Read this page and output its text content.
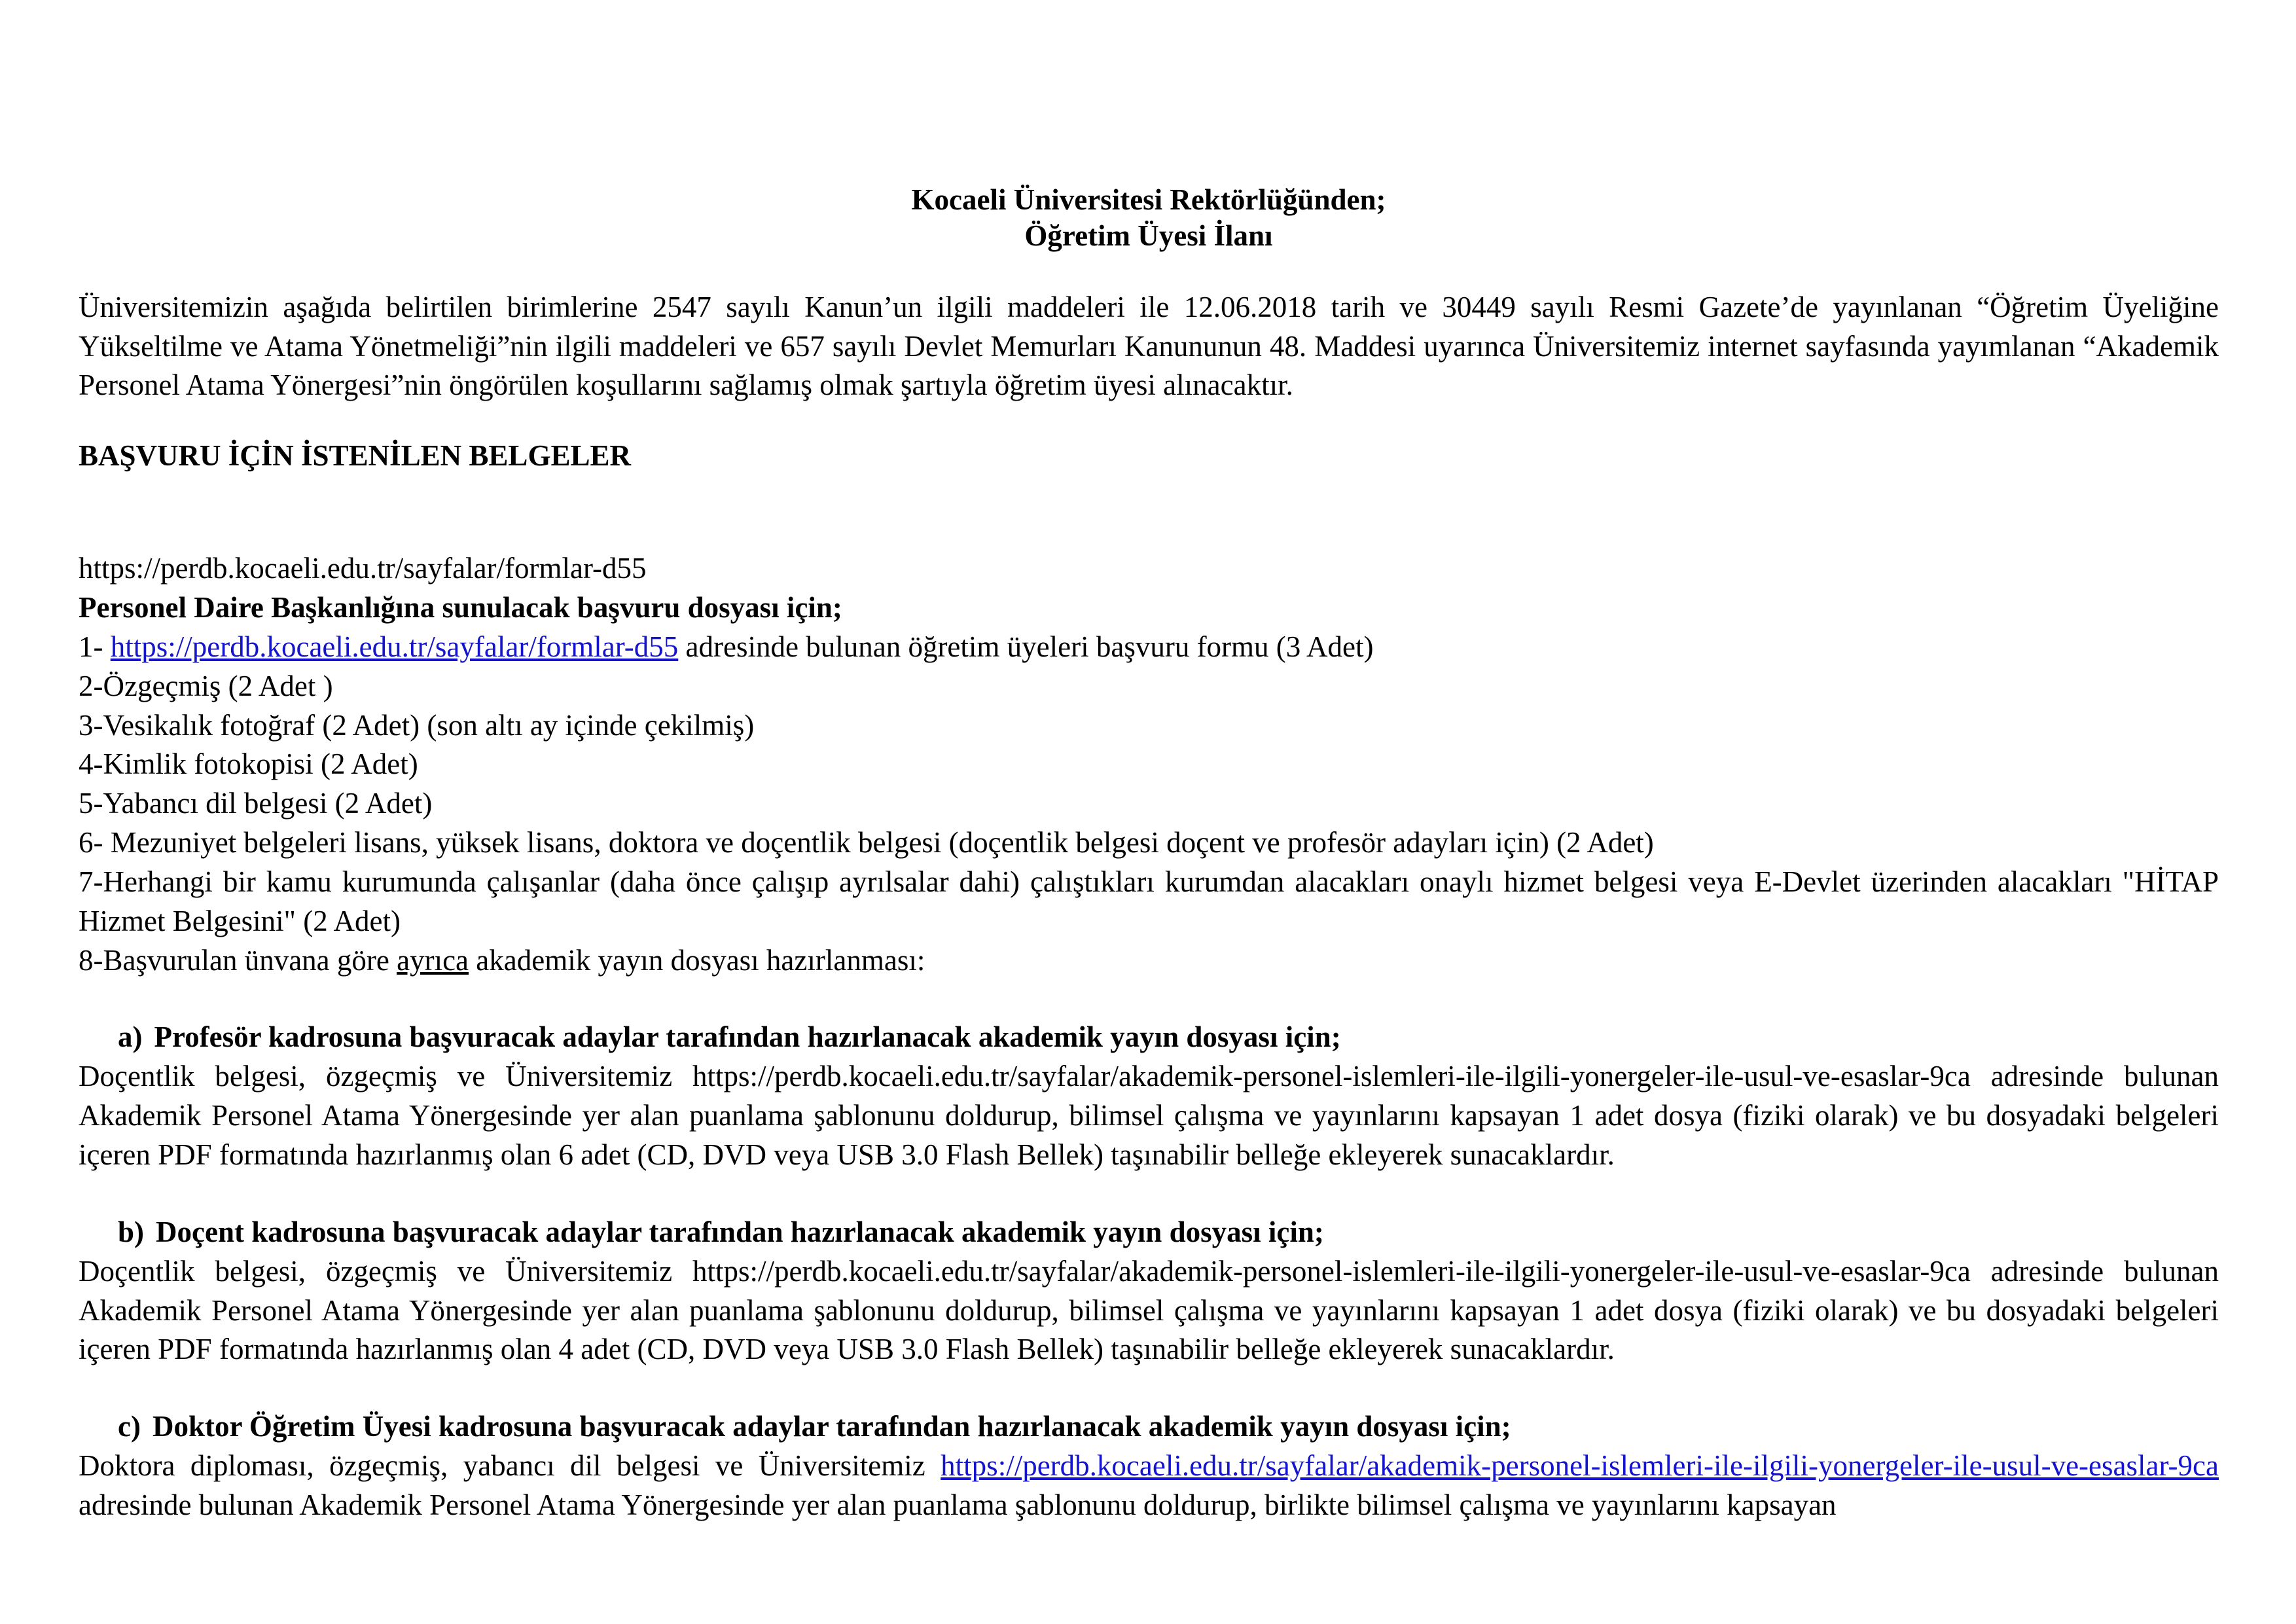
Kocaeli Üniversitesi Rektörlüğünden;
Öğretim Üyesi İlanı

Üniversitemizin aşağıda belirtilen birimlerine 2547 sayılı Kanun’un ilgili maddeleri ile 12.06.2018 tarih ve 30449 sayılı Resmi Gazete’de yayınlanan “Öğretim Üyeliğine Yükseltilme ve Atama Yönetmeliği”nin ilgili maddeleri ve 657 sayılı Devlet Memurları Kanununun 48. Maddesi uyarınca Üniversitemiz internet sayfasında yayımlanan “Akademik Personel Atama Yönergesi”nin öngörülen koşullarını sağlamış olmak şartıyla öğretim üyesi alınacaktır.

BAŞVURU İÇİN İSTENİLEN BELGELER
https://perdb.kocaeli.edu.tr/sayfalar/formlar-d55
Personel Daire Başkanlığına sunulacak başvuru dosyası için;
1- https://perdb.kocaeli.edu.tr/sayfalar/formlar-d55 adresinde bulunan öğretim üyeleri başvuru formu (3 Adet)
2-Özgeçmiş (2 Adet )
3-Vesikalık fotoğraf (2 Adet) (son altı ay içinde çekilmiş)
4-Kimlik fotokopisi (2 Adet)
5-Yabancı dil belgesi (2 Adet)
6- Mezuniyet belgeleri lisans, yüksek lisans, doktora ve doçentlik belgesi (doçentlik belgesi doçent ve profesör adayları için) (2 Adet)
7-Herhangi bir kamu kurumunda çalışanlar (daha önce çalışıp ayrılsalar dahi) çalıştıkları kurumdan alacakları onaylı hizmet belgesi veya E-Devlet üzerinden alacakları "HİTAP Hizmet Belgesini" (2 Adet)
8-Başvurulan ünvana göre ayrıca akademik yayın dosyası hazırlanması:
a) Profesör kadrosuna başvuracak adaylar tarafından hazırlanacak akademik yayın dosyası için;
Doçentlik belgesi, özgeçmiş ve Üniversitemiz https://perdb.kocaeli.edu.tr/sayfalar/akademik-personel-islemleri-ile-ilgili-yonergeler-ile-usul-ve-esaslar-9ca adresinde bulunan Akademik Personel Atama Yönergesinde yer alan puanlama şablonunu doldurup, bilimsel çalışma ve yayınlarını kapsayan 1 adet dosya (fiziki olarak) ve bu dosyadaki belgeleri içeren PDF formatında hazırlanmış olan 6 adet (CD, DVD veya USB 3.0 Flash Bellek) taşınabilir belleğe ekleyerek sunacaklardır.
b) Doçent kadrosuna başvuracak adaylar tarafından hazırlanacak akademik yayın dosyası için;
Doçentlik belgesi, özgeçmiş ve Üniversitemiz https://perdb.kocaeli.edu.tr/sayfalar/akademik-personel-islemleri-ile-ilgili-yonergeler-ile-usul-ve-esaslar-9ca adresinde bulunan Akademik Personel Atama Yönergesinde yer alan puanlama şablonunu doldurup, bilimsel çalışma ve yayınlarını kapsayan 1 adet dosya (fiziki olarak) ve bu dosyadaki belgeleri içeren PDF formatında hazırlanmış olan 4 adet (CD, DVD veya USB 3.0 Flash Bellek) taşınabilir belleğe ekleyerek sunacaklardır.
c) Doktor Öğretim Üyesi kadrosuna başvuracak adaylar tarafından hazırlanacak akademik yayın dosyası için;
Doktora diploması, özgeçmiş, yabancı dil belgesi ve Üniversitemiz https://perdb.kocaeli.edu.tr/sayfalar/akademik-personel-islemleri-ile-ilgili-yonergeler-ile-usul-ve-esaslar-9ca adresinde bulunan Akademik Personel Atama Yönergesinde yer alan puanlama şablonunu doldurup, birlikte bilimsel çalışma ve yayınlarını kapsayan
